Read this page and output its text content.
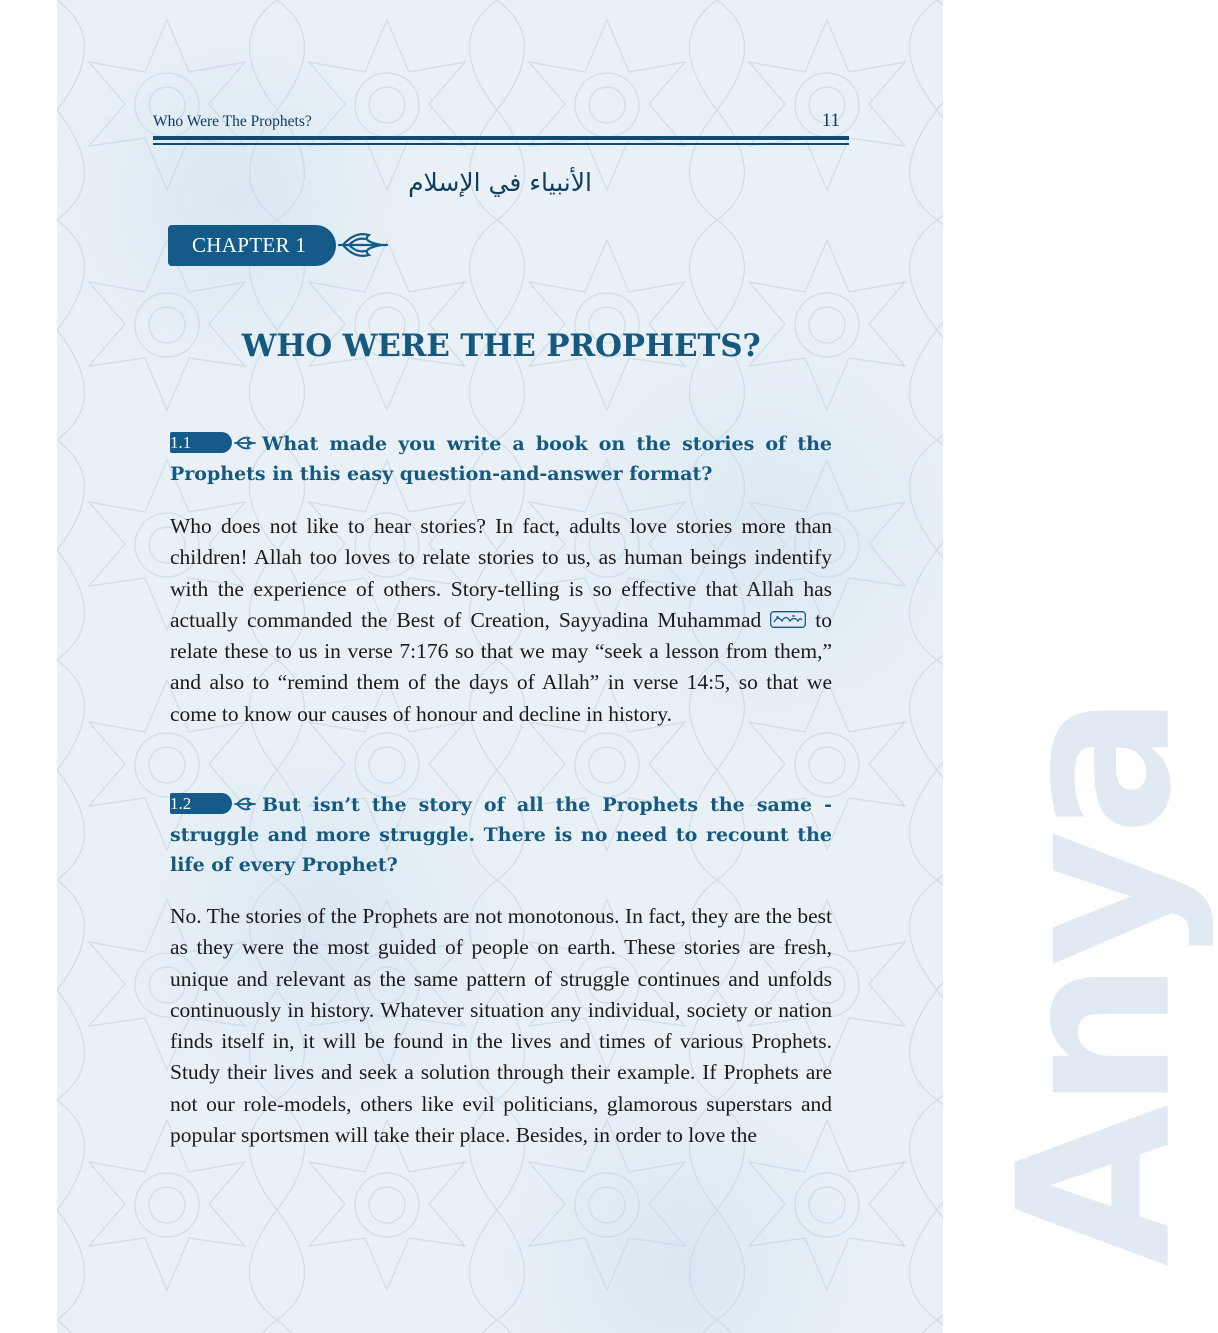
Anya
Who Were The Prophets?	11
الأنبياء في الإسلام
CHAPTER 1
WHO WERE THE PROPHETS?
1.1	What made you write a book on the stories of the Prophets in this easy question-and-answer format?
Who does not like to hear stories? In fact, adults love stories more than children! Allah too loves to relate stories to us, as human beings indentify with the experience of others. Story-telling is so effective that Allah has actually commanded the Best of Creation, Sayyadina Muhammad	to relate these to us in verse 7:176 so that we may “seek a lesson from them,” and also to “remind them of the days of Allah” in verse 14:5, so that we come to know our causes of honour and decline in history.
1.2	But isn’t the story of all the Prophets the same - struggle and more struggle. There is no need to recount the life of every Prophet?
No. The stories of the Prophets are not monotonous. In fact, they are the best as they were the most guided of people on earth. These stories are fresh, unique and relevant as the same pattern of struggle continues and unfolds continuously in history. Whatever situation any individual, society or nation finds itself in, it will be found in the lives and times of various Prophets. Study their lives and seek a solution through their example. If Prophets are not our role-models, others like evil politicians, glamorous superstars and popular sportsmen will take their place. Besides, in order to love the
